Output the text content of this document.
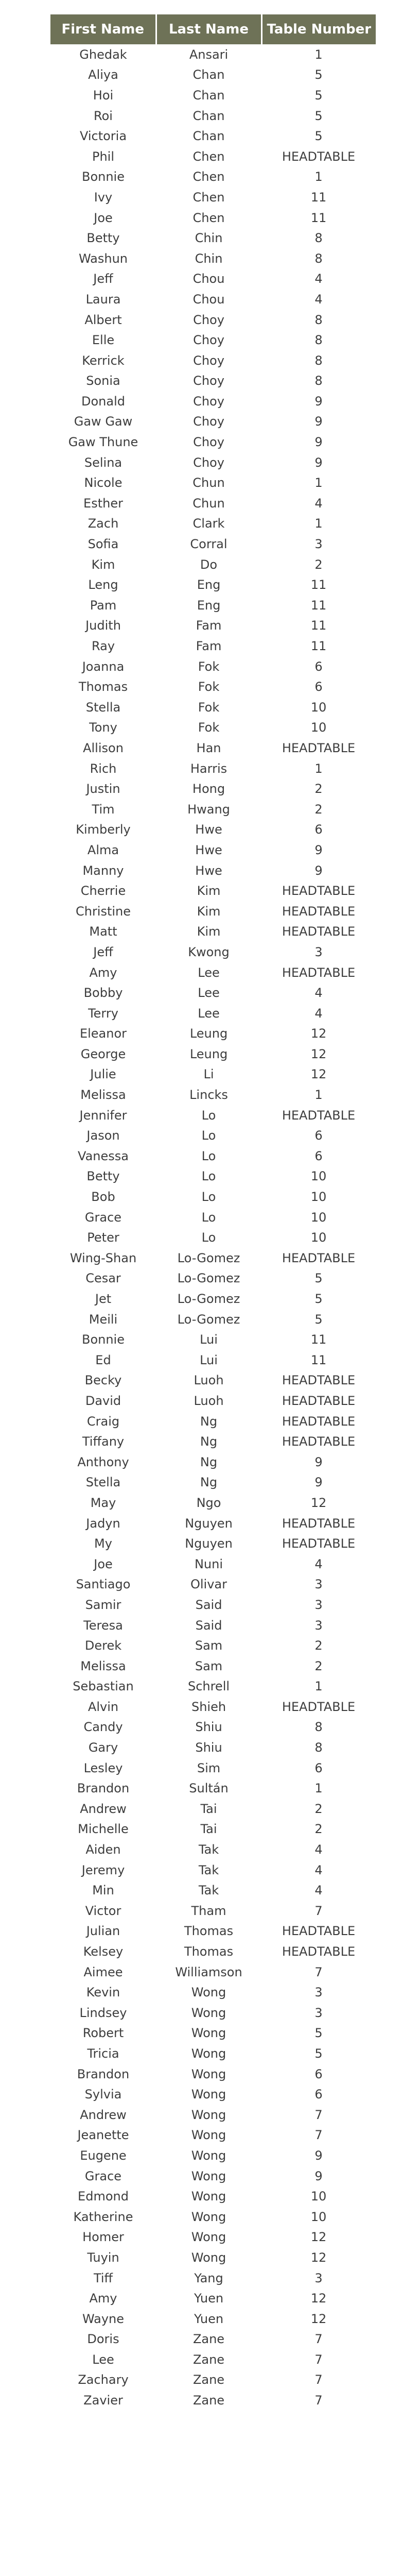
First Name	Last Name	Table Number
Ghedak	Ansari	1
Aliya	Chan	5
Hoi	Chan	5
Roi	Chan	5
Victoria	Chan	5
Phil	Chen	HEADTABLE
Bonnie	Chen	1
Ivy	Chen	11
Joe	Chen	11
Betty	Chin	8
Washun	Chin	8
Jeff	Chou	4
Laura	Chou	4
Albert	Choy	8
Elle	Choy	8
Kerrick	Choy	8
Sonia	Choy	8
Donald	Choy	9
Gaw Gaw	Choy	9
Gaw Thune	Choy	9
Selina	Choy	9
Nicole	Chun	1
Esther	Chun	4
Zach	Clark	1
Sofia	Corral	3
Kim	Do	2
Leng	Eng	11
Pam	Eng	11
Judith	Fam	11
Ray	Fam	11
Joanna	Fok	6
Thomas	Fok	6
Stella	Fok	10
Tony	Fok	10
Allison	Han	HEADTABLE
Rich	Harris	1
Justin	Hong	2
Tim	Hwang	2
Kimberly	Hwe	6
Alma	Hwe	9
Manny	Hwe	9
Cherrie	Kim	HEADTABLE
Christine	Kim	HEADTABLE
Matt	Kim	HEADTABLE
Jeff	Kwong	3
Amy	Lee	HEADTABLE
Bobby	Lee	4
Terry	Lee	4
Eleanor	Leung	12
George	Leung	12
Julie	Li	12
Melissa	Lincks	1
Jennifer	Lo	HEADTABLE
Jason	Lo	6
Vanessa	Lo	6
Betty	Lo	10
Bob	Lo	10
Grace	Lo	10
Peter	Lo	10
Wing-Shan	Lo-Gomez	HEADTABLE
Cesar	Lo-Gomez	5
Jet	Lo-Gomez	5
Meili	Lo-Gomez	5
Bonnie	Lui	11
Ed	Lui	11
Becky	Luoh	HEADTABLE
David	Luoh	HEADTABLE
Craig	Ng	HEADTABLE
Tiffany	Ng	HEADTABLE
Anthony	Ng	9
Stella	Ng	9
May	Ngo	12
Jadyn	Nguyen	HEADTABLE
My	Nguyen	HEADTABLE
Joe	Nuni	4
Santiago	Olivar	3
Samir	Said	3
Teresa	Said	3
Derek	Sam	2
Melissa	Sam	2
Sebastian	Schrell	1
Alvin	Shieh	HEADTABLE
Candy	Shiu	8
Gary	Shiu	8
Lesley	Sim	6
Brandon	Sultán	1
Andrew	Tai	2
Michelle	Tai	2
Aiden	Tak	4
Jeremy	Tak	4
Min	Tak	4
Victor	Tham	7
Julian	Thomas	HEADTABLE
Kelsey	Thomas	HEADTABLE
Aimee	Williamson	7
Kevin	Wong	3
Lindsey	Wong	3
Robert	Wong	5
Tricia	Wong	5
Brandon	Wong	6
Sylvia	Wong	6
Andrew	Wong	7
Jeanette	Wong	7
Eugene	Wong	9
Grace	Wong	9
Edmond	Wong	10
Katherine	Wong	10
Homer	Wong	12
Tuyin	Wong	12
Tiff	Yang	3
Amy	Yuen	12
Wayne	Yuen	12
Doris	Zane	7
Lee	Zane	7
Zachary	Zane	7
Zavier	Zane	7
